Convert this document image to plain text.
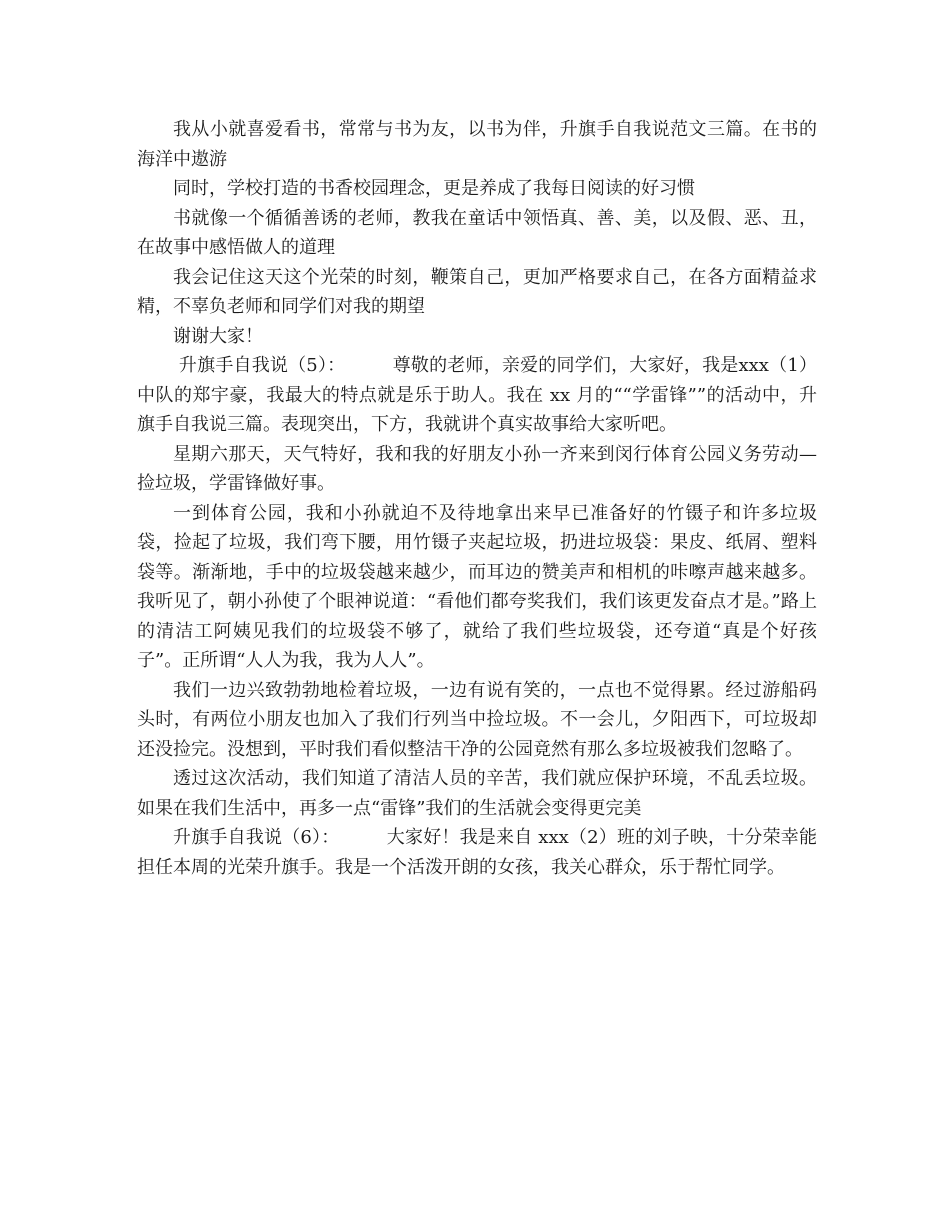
我从小就喜爱看书，常常与书为友，以书为伴，升旗手自我说范文三篇。在书的海洋中遨游

同时，学校打造的书香校园理念，更是养成了我每日阅读的好习惯

书就像一个循循善诱的老师，教我在童话中领悟真、善、美，以及假、恶、丑，在故事中感悟做人的道理

我会记住这天这个光荣的时刻，鞭策自己，更加严格要求自己，在各方面精益求精，不辜负老师和同学们对我的期望

谢谢大家！

升旗手自我说（5）：        尊敬的老师，亲爱的同学们，大家好，我是xxx（1）中队的郑宇豪，我最大的特点就是乐于助人。我在 xx 月的““学雷锋””的活动中，升旗手自我说三篇。表现突出，下方，我就讲个真实故事给大家听吧。

星期六那天，天气特好，我和我的好朋友小孙一齐来到闵行体育公园义务劳动—捡垃圾，学雷锋做好事。

一到体育公园，我和小孙就迫不及待地拿出来早已准备好的竹镊子和许多垃圾袋，捡起了垃圾，我们弯下腰，用竹镊子夹起垃圾，扔进垃圾袋：果皮、纸屑、塑料袋等。渐渐地，手中的垃圾袋越来越少，而耳边的赞美声和相机的咔嚓声越来越多。我听见了，朝小孙使了个眼神说道：“看他们都夸奖我们，我们该更发奋点才是。”路上的清洁工阿姨见我们的垃圾袋不够了，就给了我们些垃圾袋，还夸道“真是个好孩子”。正所谓“人人为我，我为人人”。

我们一边兴致勃勃地检着垃圾，一边有说有笑的，一点也不觉得累。经过游船码头时，有两位小朋友也加入了我们行列当中捡垃圾。不一会儿，夕阳西下，可垃圾却还没捡完。没想到，平时我们看似整洁干净的公园竟然有那么多垃圾被我们忽略了。

透过这次活动，我们知道了清洁人员的辛苦，我们就应保护环境，不乱丢垃圾。如果在我们生活中，再多一点“雷锋”我们的生活就会变得更完美

升旗手自我说（6）：        大家好！我是来自 xxx（2）班的刘子映，十分荣幸能担任本周的光荣升旗手。我是一个活泼开朗的女孩，我关心群众，乐于帮忙同学。
